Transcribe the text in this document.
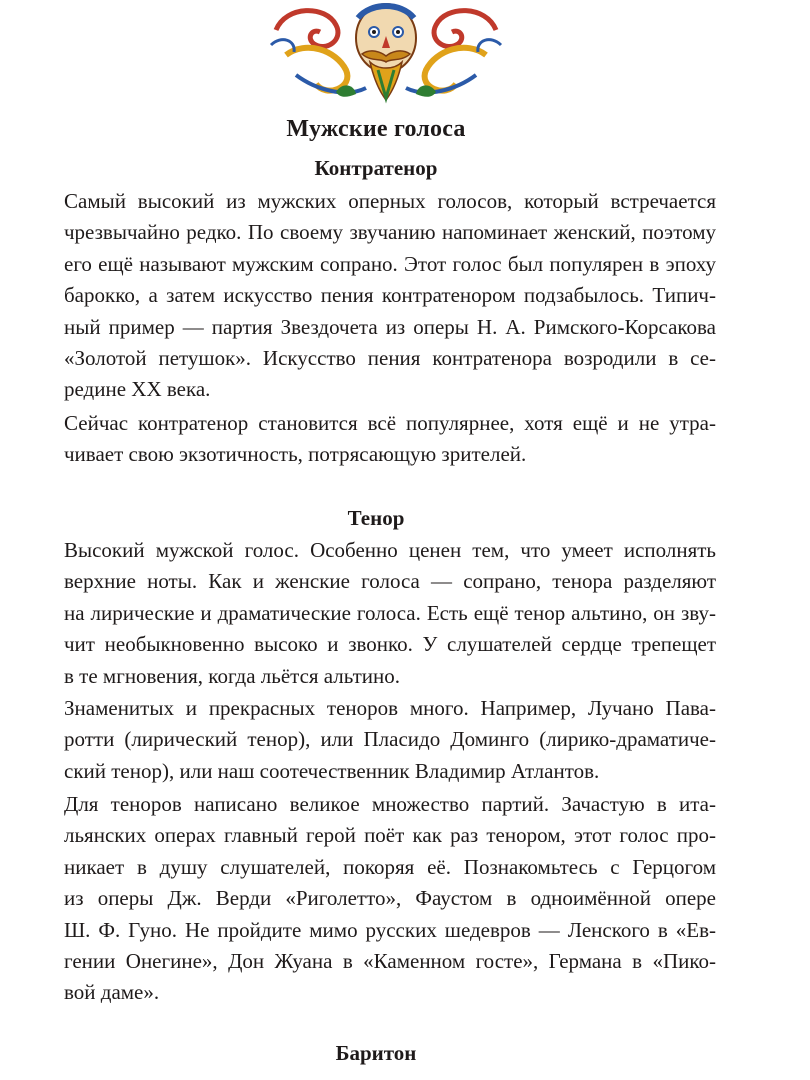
Мужские голоса
Контратенор
Самый высокий из мужских оперных голосов, который встречается
чрезвычайно редко. По своему звучанию напоминает женский, поэтому
его ещё называют мужским сопрано. Этот голос был популярен в эпоху
барокко, а затем искусство пения контратенором подзабылось. Типич-
ный пример — партия Звездочета из оперы Н. А. Римского-Корсакова
«Золотой петушок». Искусство пения контратенора возродили в се-
редине XX века.
Сейчас контратенор становится всё популярнее, хотя ещё и не утра-
чивает свою экзотичность, потрясающую зрителей.
Тенор
Высокий мужской голос. Особенно ценен тем, что умеет исполнять
верхние ноты. Как и женские голоса — сопрано, тенора разделяют
на лирические и драматические голоса. Есть ещё тенор альтино, он зву-
чит необыкновенно высоко и звонко. У слушателей сердце трепещет
в те мгновения, когда льётся альтино.
Знаменитых и прекрасных теноров много. Например, Лучано Пава-
ротти (лирический тенор), или Пласидо Доминго (лирико-драматиче-
ский тенор), или наш соотечественник Владимир Атлантов.
Для теноров написано великое множество партий. Зачастую в ита-
льянских операх главный герой поёт как раз тенором, этот голос про-
никает в душу слушателей, покоряя её. Познакомьтесь с Герцогом
из оперы Дж. Верди «Риголетто», Фаустом в одноимённой опере
Ш. Ф. Гуно. Не пройдите мимо русских шедевров — Ленского в «Ев-
гении Онегине», Дон Жуана в «Каменном госте», Германа в «Пико-
вой даме».
Баритон
